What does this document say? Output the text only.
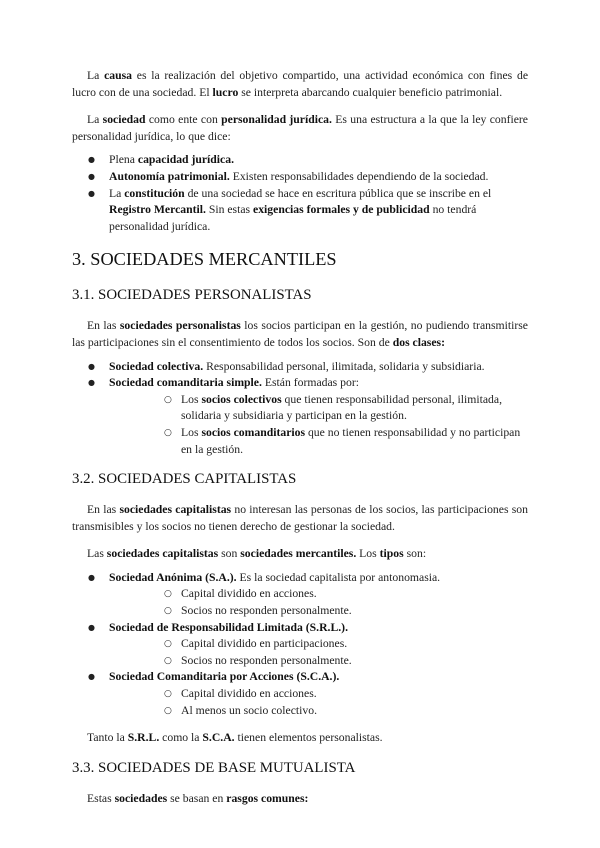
La causa es la realización del objetivo compartido, una actividad económica con fines de lucro con de una sociedad. El lucro se interpreta abarcando cualquier beneficio patrimonial.

La sociedad como ente con personalidad jurídica. Es una estructura a la que la ley confiere personalidad jurídica, lo que dice:

● Plena capacidad jurídica.
● Autonomía patrimonial. Existen responsabilidades dependiendo de la sociedad.
● La constitución de una sociedad se hace en escritura pública que se inscribe en el Registro Mercantil. Sin estas exigencias formales y de publicidad no tendrá personalidad jurídica.
3. SOCIEDADES MERCANTILES
3.1. SOCIEDADES PERSONALISTAS

En las sociedades personalistas los socios participan en la gestión, no pudiendo transmitirse las participaciones sin el consentimiento de todos los socios. Son de dos clases:

● Sociedad colectiva. Responsabilidad personal, ilimitada, solidaria y subsidiaria.
● Sociedad comanditaria simple. Están formadas por:
○ Los socios colectivos que tienen responsabilidad personal, ilimitada, solidaria y subsidiaria y participan en la gestión.
○ Los socios comanditarios que no tienen responsabilidad y no participan en la gestión.
3.2. SOCIEDADES CAPITALISTAS

En las sociedades capitalistas no interesan las personas de los socios, las participaciones son transmisibles y los socios no tienen derecho de gestionar la sociedad.

Las sociedades capitalistas son sociedades mercantiles. Los tipos son:

● Sociedad Anónima (S.A.). Es la sociedad capitalista por antonomasia.
○ Capital dividido en acciones.
○ Socios no responden personalmente.
● Sociedad de Responsabilidad Limitada (S.R.L.).
○ Capital dividido en participaciones.
○ Socios no responden personalmente.
● Sociedad Comanditaria por Acciones (S.C.A.).
○ Capital dividido en acciones.
○ Al menos un socio colectivo.

Tanto la S.R.L. como la S.C.A. tienen elementos personalistas.

3.3. SOCIEDADES DE BASE MUTUALISTA

Estas sociedades se basan en rasgos comunes:
